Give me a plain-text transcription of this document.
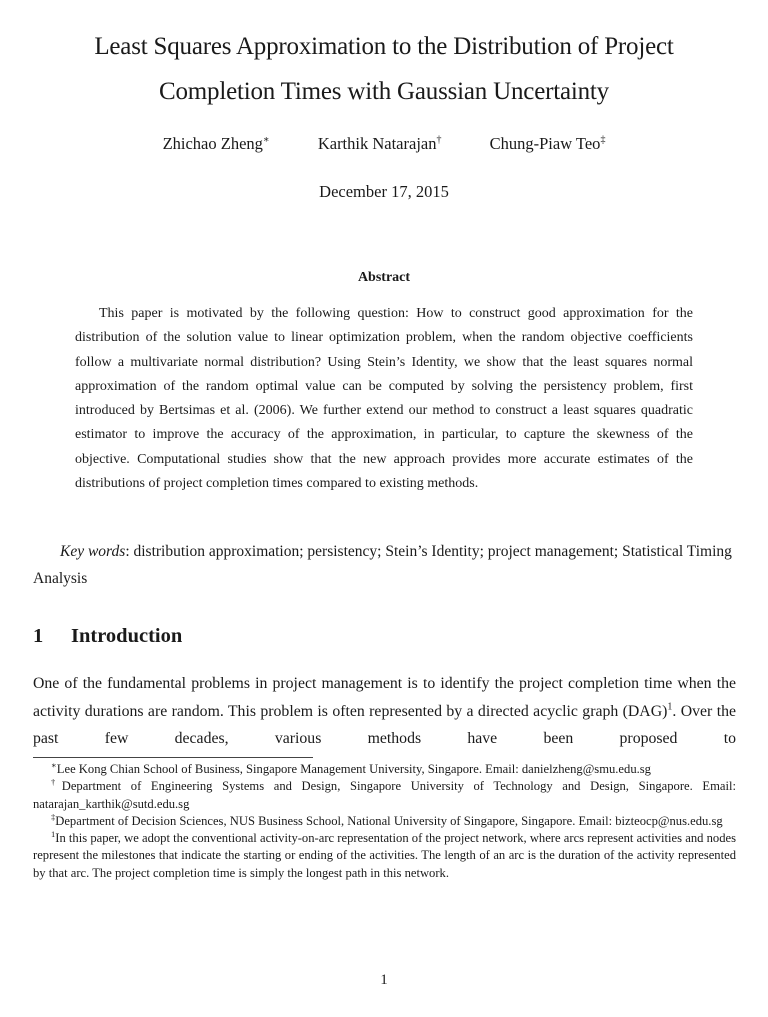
Least Squares Approximation to the Distribution of Project
Completion Times with Gaussian Uncertainty
Zhichao Zheng∗	Karthik Natarajan†	Chung-Piaw Teo‡
December 17, 2015
Abstract

This paper is motivated by the following question: How to construct good approximation for the distribution of the solution value to linear optimization problem, when the random objective coefficients follow a multivariate normal distribution? Using Stein’s Identity, we show that the least squares normal approximation of the random optimal value can be computed by solving the persistency problem, first introduced by Bertsimas et al. (2006). We further extend our method to construct a least squares quadratic estimator to improve the accuracy of the approximation, in particular, to capture the skewness of the objective. Computational studies show that the new approach provides more accurate estimates of the distributions of project completion times compared to existing methods.

Key words: distribution approximation; persistency; Stein’s Identity; project management; Statistical Timing Analysis

1 Introduction

One of the fundamental problems in project management is to identify the project completion time when the activity durations are random. This problem is often represented by a directed acyclic graph (DAG)$^1$. Over the past few decades, various methods have been proposed to

∗Lee Kong Chian School of Business, Singapore Management University, Singapore. Email: danielzheng@smu.edu.sg

†Department of Engineering Systems and Design, Singapore University of Technology and Design, Singapore. Email: natarajan_karthik@sutd.edu.sg

‡Department of Decision Sciences, NUS Business School, National University of Singapore, Singapore. Email: bizteocp@nus.edu.sg

$^1$In this paper, we adopt the conventional activity-on-arc representation of the project network, where arcs represent activities and nodes represent the milestones that indicate the starting or ending of the activities. The length of an arc is the duration of the activity represented by that arc. The project completion time is simply the longest path in this network.

1
